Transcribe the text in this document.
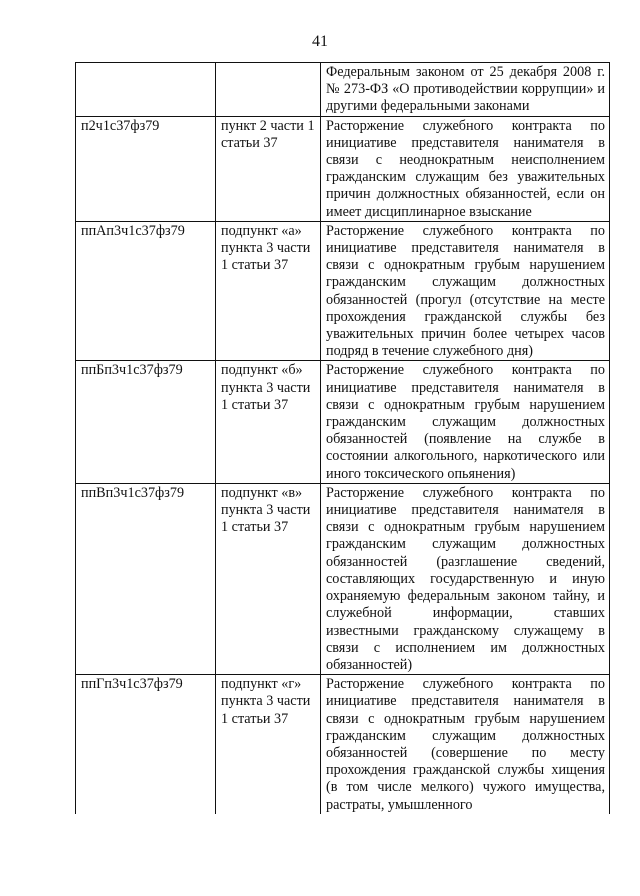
41
		Федеральным законом от 25 декабря 2008 г. № 273-ФЗ «О противодействии коррупции» и другими федеральными законами
п2ч1с37фз79	пункт 2 части 1 статьи 37	Расторжение служебного контракта по инициативе представителя нанимателя в связи с неоднократным неисполнением гражданским служащим без уважительных причин должностных обязанностей, если он имеет дисциплинарное взыскание
ппАп3ч1с37фз79	подпункт «а» пункта 3 части 1 статьи 37	Расторжение служебного контракта по инициативе представителя нанимателя в связи с однократным грубым нарушением гражданским служащим должностных обязанностей (прогул (отсутствие на месте прохождения гражданской службы без уважительных причин более четырех часов подряд в течение служебного дня)
ппБп3ч1с37фз79	подпункт «б» пункта 3 части 1 статьи 37	Расторжение служебного контракта по инициативе представителя нанимателя в связи с однократным грубым нарушением гражданским служащим должностных обязанностей (появление на службе в состоянии алкогольного, наркотического или иного токсического опьянения)
ппВп3ч1с37фз79	подпункт «в» пункта 3 части 1 статьи 37	Расторжение служебного контракта по инициативе представителя нанимателя в связи с однократным грубым нарушением гражданским служащим должностных обязанностей (разглашение сведений, составляющих государственную и иную охраняемую федеральным законом тайну, и служебной информации, ставших известными гражданскому служащему в связи с исполнением им должностных обязанностей)
ппГп3ч1с37фз79	подпункт «г» пункта 3 части 1 статьи 37	Расторжение служебного контракта по инициативе представителя нанимателя в связи с однократным грубым нарушением гражданским служащим должностных обязанностей (совершение по месту прохождения гражданской службы хищения (в том числе мелкого) чужого имущества, растраты, умышленного
